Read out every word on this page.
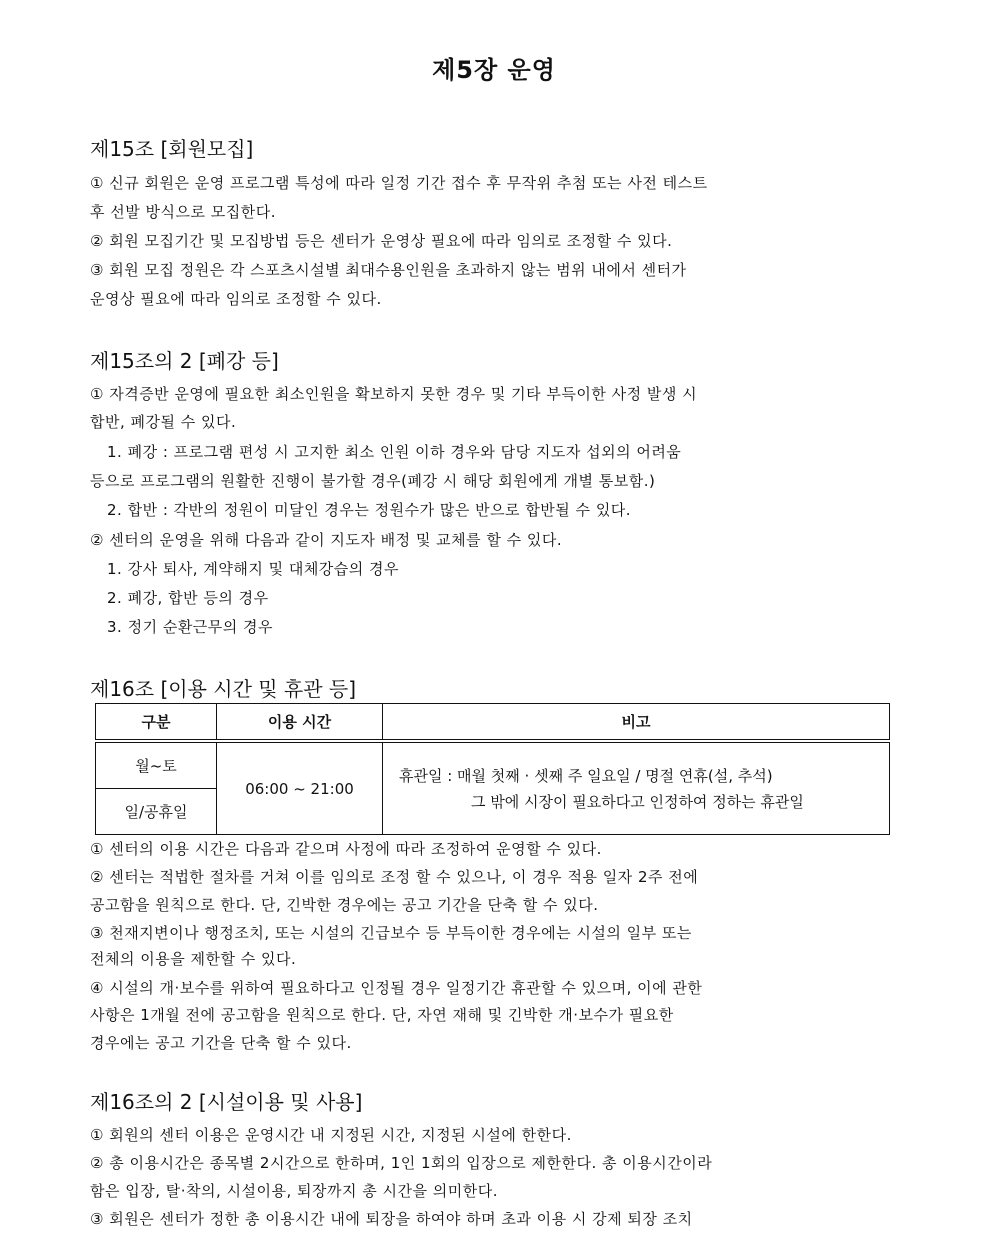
제5장 운영
제15조 [회원모집]
① 신규 회원은 운영 프로그램 특성에 따라 일정 기간 접수 후 무작위 추첨 또는 사전 테스트
후 선발 방식으로 모집한다.
② 회원 모집기간 및 모집방법 등은 센터가 운영상 필요에 따라 임의로 조정할 수 있다.
③ 회원 모집 정원은 각 스포츠시설별 최대수용인원을 초과하지 않는 범위 내에서 센터가
운영상 필요에 따라 임의로 조정할 수 있다.
제15조의 2 [폐강 등]
① 자격증반 운영에 필요한 최소인원을 확보하지 못한 경우 및 기타 부득이한 사정 발생 시
합반, 폐강될 수 있다.
1. 폐강 : 프로그램 편성 시 고지한 최소 인원 이하 경우와 담당 지도자 섭외의 어려움
등으로 프로그램의 원활한 진행이 불가할 경우(폐강 시 해당 회원에게 개별 통보함.)
2. 합반 : 각반의 정원이 미달인 경우는 정원수가 많은 반으로 합반될 수 있다.
② 센터의 운영을 위해 다음과 같이 지도자 배정 및 교체를 할 수 있다.
1. 강사 퇴사, 계약해지 및 대체강습의 경우
2. 폐강, 합반 등의 경우
3. 정기 순환근무의 경우
제16조 [이용 시간 및 휴관 등]
구분	이용 시간	비고

월~토	06:00 ~ 21:00	휴관일 : 매월 첫째 · 셋째 주 일요일 / 명절 연휴(설, 추석)
그 밖에 시장이 필요하다고 인정하여 정하는 휴관일

일/공휴일		
① 센터의 이용 시간은 다음과 같으며 사정에 따라 조정하여 운영할 수 있다.
② 센터는 적법한 절차를 거쳐 이를 임의로 조정 할 수 있으나, 이 경우 적용 일자 2주 전에
공고함을 원칙으로 한다. 단, 긴박한 경우에는 공고 기간을 단축 할 수 있다.
③ 천재지변이나 행정조치, 또는 시설의 긴급보수 등 부득이한 경우에는 시설의 일부 또는
전체의 이용을 제한할 수 있다.
④ 시설의 개·보수를 위하여 필요하다고 인정될 경우 일정기간 휴관할 수 있으며, 이에 관한
사항은 1개월 전에 공고함을 원칙으로 한다. 단, 자연 재해 및 긴박한 개·보수가 필요한
경우에는 공고 기간을 단축 할 수 있다.
제16조의 2 [시설이용 및 사용]
① 회원의 센터 이용은 운영시간 내 지정된 시간, 지정된 시설에 한한다.
② 총 이용시간은 종목별 2시간으로 한하며, 1인 1회의 입장으로 제한한다. 총 이용시간이라
함은 입장, 탈·착의, 시설이용, 퇴장까지 총 시간을 의미한다.
③ 회원은 센터가 정한 총 이용시간 내에 퇴장을 하여야 하며 초과 이용 시 강제 퇴장 조치
